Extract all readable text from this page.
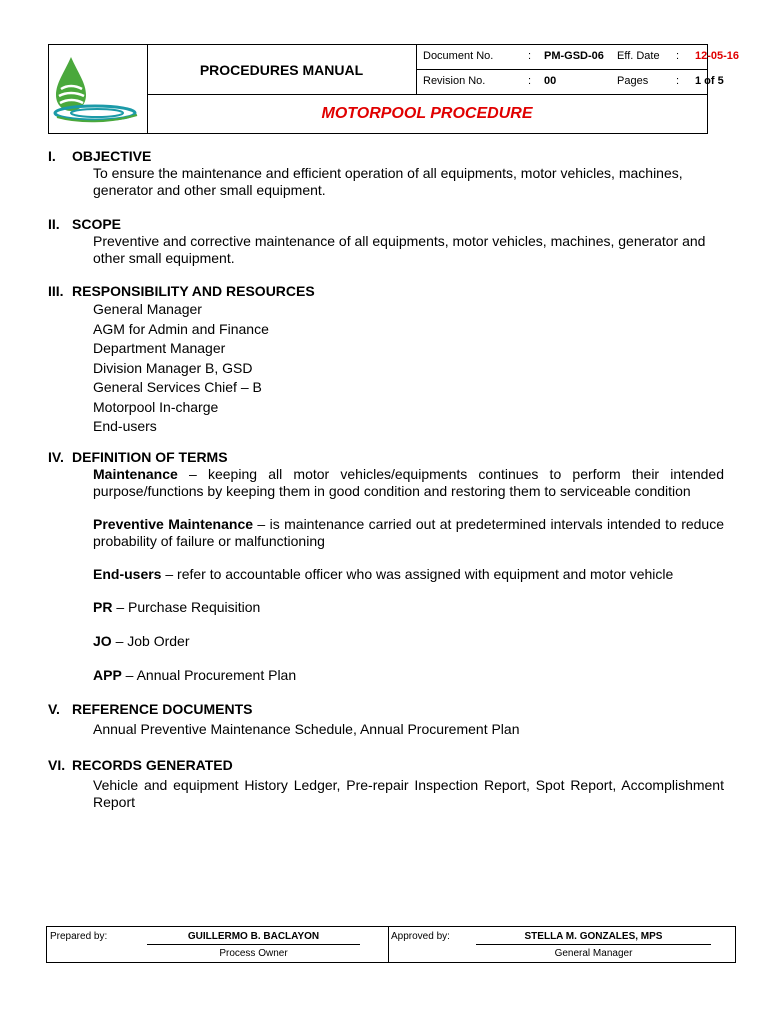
PROCEDURES MANUAL
Document No.	: PM-GSD-06 Eff. Date : 12-05-16
Revision No.	: 00	Pages	: 1 of 5
MOTORPOOL PROCEDURE

I. OBJECTIVE

To ensure the maintenance and efficient operation of all equipments, motor vehicles, machines, generator and other small equipment.

II. SCOPE

Preventive and corrective maintenance of all equipments, motor vehicles, machines, generator and other small equipment.

III. RESPONSIBILITY AND RESOURCES

General Manager
AGM for Admin and Finance
Department Manager
Division Manager B, GSD
General Services Chief – B
Motorpool In-charge
End-users

IV. DEFINITION OF TERMS

Maintenance – keeping all motor vehicles/equipments continues to perform their intended purpose/functions by keeping them in good condition and restoring them to serviceable condition
Preventive Maintenance – is maintenance carried out at predetermined intervals intended to reduce probability of failure or malfunctioning
End-users – refer to accountable officer who was assigned with equipment and motor vehicle
PR – Purchase Requisition
JO – Job Order
APP – Annual Procurement Plan

V. REFERENCE DOCUMENTS

Annual Preventive Maintenance Schedule, Annual Procurement Plan

VI. RECORDS GENERATED

Vehicle and equipment History Ledger, Pre-repair Inspection Report, Spot Report, Accomplishment Report
Prepared by:	GUILLERMO B. BACLAYON
Process Owner
Approved by:	STELLA M. GONZALES, MPS
General Manager
